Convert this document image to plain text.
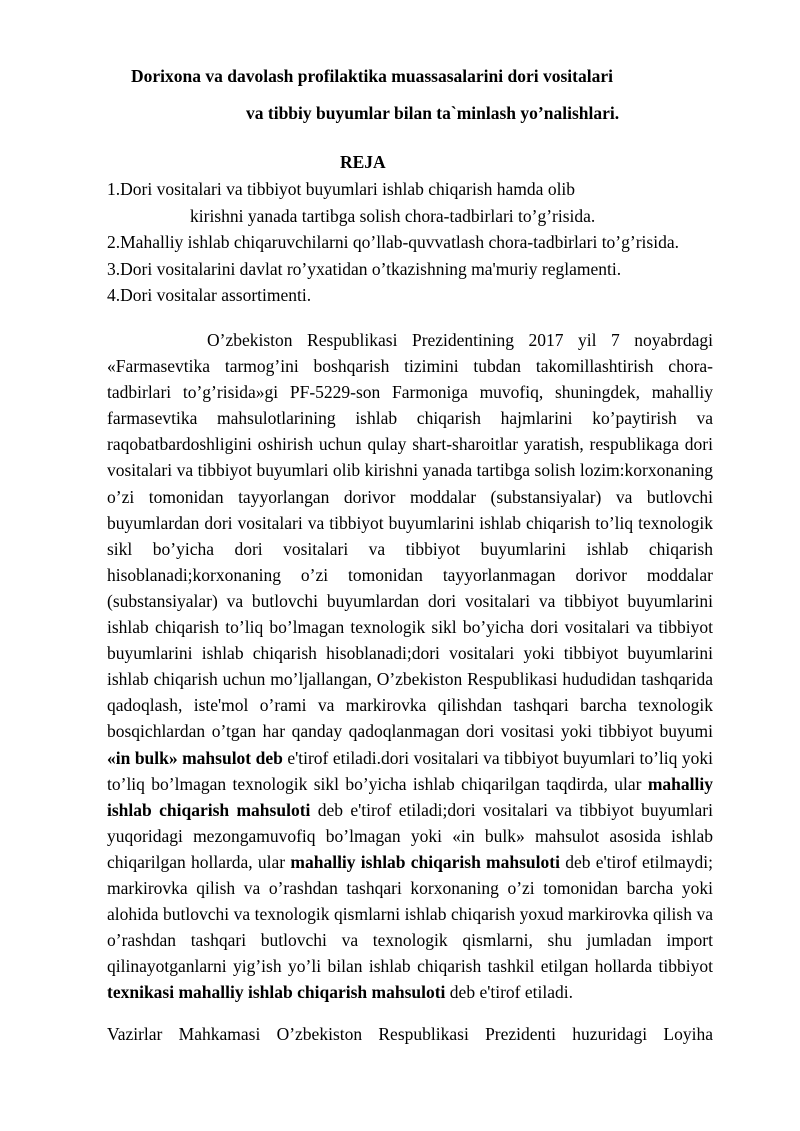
Dorixona va davolash profilaktika muassasalarini dori vositalari
va tibbiy buyumlar bilan ta`minlash yo’nalishlari.
REJA
1.Dori vositalari va tibbiyot buyumlari ishlab chiqarish hamda olib
kirishni yanada tartibga solish chora-tadbirlari to’g’risida.
2.Mahalliy ishlab chiqaruvchilarni qo’llab-quvvatlash chora-tadbirlari to’g’risida.
3.Dori vositalarini davlat ro’yxatidan o’tkazishning ma'muriy reglamenti.
4.Dori vositalar assortimenti.

O’zbekiston Respublikasi Prezidentining 2017 yil 7 noyabrdagi «Farmasevtika tarmog’ini boshqarish tizimini tubdan takomillashtirish chora-tadbirlari to’g’risida»gi PF-5229-son Farmoniga muvofiq, shuningdek, mahalliy farmasevtika mahsulotlarining ishlab chiqarish hajmlarini ko’paytirish va raqobatbardoshligini oshirish uchun qulay shart-sharoitlar yaratish, respublikaga dori vositalari va tibbiyot buyumlari olib kirishni yanada tartibga solish lozim:korxonaning o’zi tomonidan tayyorlangan dorivor moddalar (substansiyalar) va butlovchi buyumlardan dori vositalari va tibbiyot buyumlarini ishlab chiqarish to’liq texnologik sikl bo’yicha dori vositalari va tibbiyot buyumlarini ishlab chiqarish hisoblanadi;korxonaning o’zi tomonidan tayyorlanmagan dorivor moddalar (substansiyalar) va butlovchi buyumlardan dori vositalari va tibbiyot buyumlarini ishlab chiqarish to’liq bo’lmagan texnologik sikl bo’yicha dori vositalari va tibbiyot buyumlarini ishlab chiqarish hisoblanadi;dori vositalari yoki tibbiyot buyumlarini ishlab chiqarish uchun mo’ljallangan, O’zbekiston Respublikasi hududidan tashqarida qadoqlash, iste'mol o’rami va markirovka qilishdan tashqari barcha texnologik bosqichlardan o’tgan har qanday qadoqlanmagan dori vositasi yoki tibbiyot buyumi «in bulk» mahsulot deb e'tirof etiladi.dori vositalari va tibbiyot buyumlari to’liq yoki to’liq bo’lmagan texnologik sikl bo’yicha ishlab chiqarilgan taqdirda, ular mahalliy ishlab chiqarish mahsuloti deb e'tirof etiladi;dori vositalari va tibbiyot buyumlari yuqoridagi mezongamuvofiq bo’lmagan yoki «in bulk» mahsulot asosida ishlab chiqarilgan hollarda, ular mahalliy ishlab chiqarish mahsuloti deb e'tirof etilmaydi; markirovka qilish va o’rashdan tashqari korxonaning o’zi tomonidan barcha yoki alohida butlovchi va texnologik qismlarni ishlab chiqarish yoxud markirovka qilish va o’rashdan tashqari butlovchi va texnologik qismlarni, shu jumladan import qilinayotganlarni yig’ish yo’li bilan ishlab chiqarish tashkil etilgan hollarda tibbiyot texnikasi mahalliy ishlab chiqarish mahsuloti deb e'tirof etiladi.

Vazirlar Mahkamasi O’zbekiston Respublikasi Prezidenti huzuridagi Loyiha
